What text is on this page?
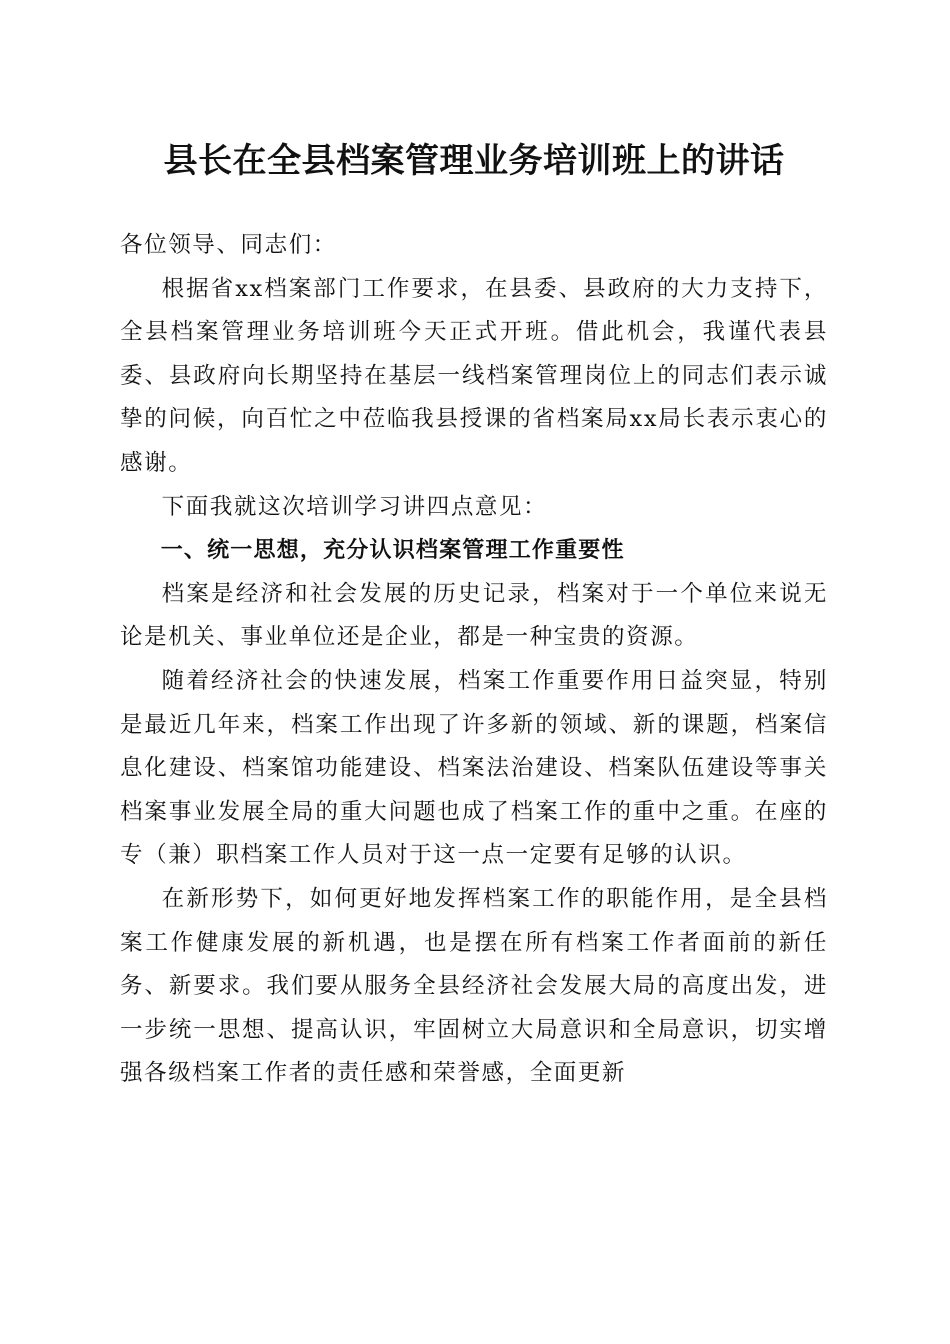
县长在全县档案管理业务培训班上的讲话

各位领导、同志们：

根据省xx档案部门工作要求，在县委、县政府的大力支持下，全县档案管理业务培训班今天正式开班。借此机会，我谨代表县委、县政府向长期坚持在基层一线档案管理岗位上的同志们表示诚挚的问候，向百忙之中莅临我县授课的省档案局xx局长表示衷心的感谢。

下面我就这次培训学习讲四点意见：

一、统一思想，充分认识档案管理工作重要性

档案是经济和社会发展的历史记录，档案对于一个单位来说无论是机关、事业单位还是企业，都是一种宝贵的资源。

随着经济社会的快速发展，档案工作重要作用日益突显，特别是最近几年来，档案工作出现了许多新的领域、新的课题，档案信息化建设、档案馆功能建设、档案法治建设、档案队伍建设等事关档案事业发展全局的重大问题也成了档案工作的重中之重。在座的专（兼）职档案工作人员对于这一点一定要有足够的认识。

在新形势下，如何更好地发挥档案工作的职能作用，是全县档案工作健康发展的新机遇，也是摆在所有档案工作者面前的新任务、新要求。我们要从服务全县经济社会发展大局的高度出发，进一步统一思想、提高认识，牢固树立大局意识和全局意识，切实增强各级档案工作者的责任感和荣誉感，全面更新
